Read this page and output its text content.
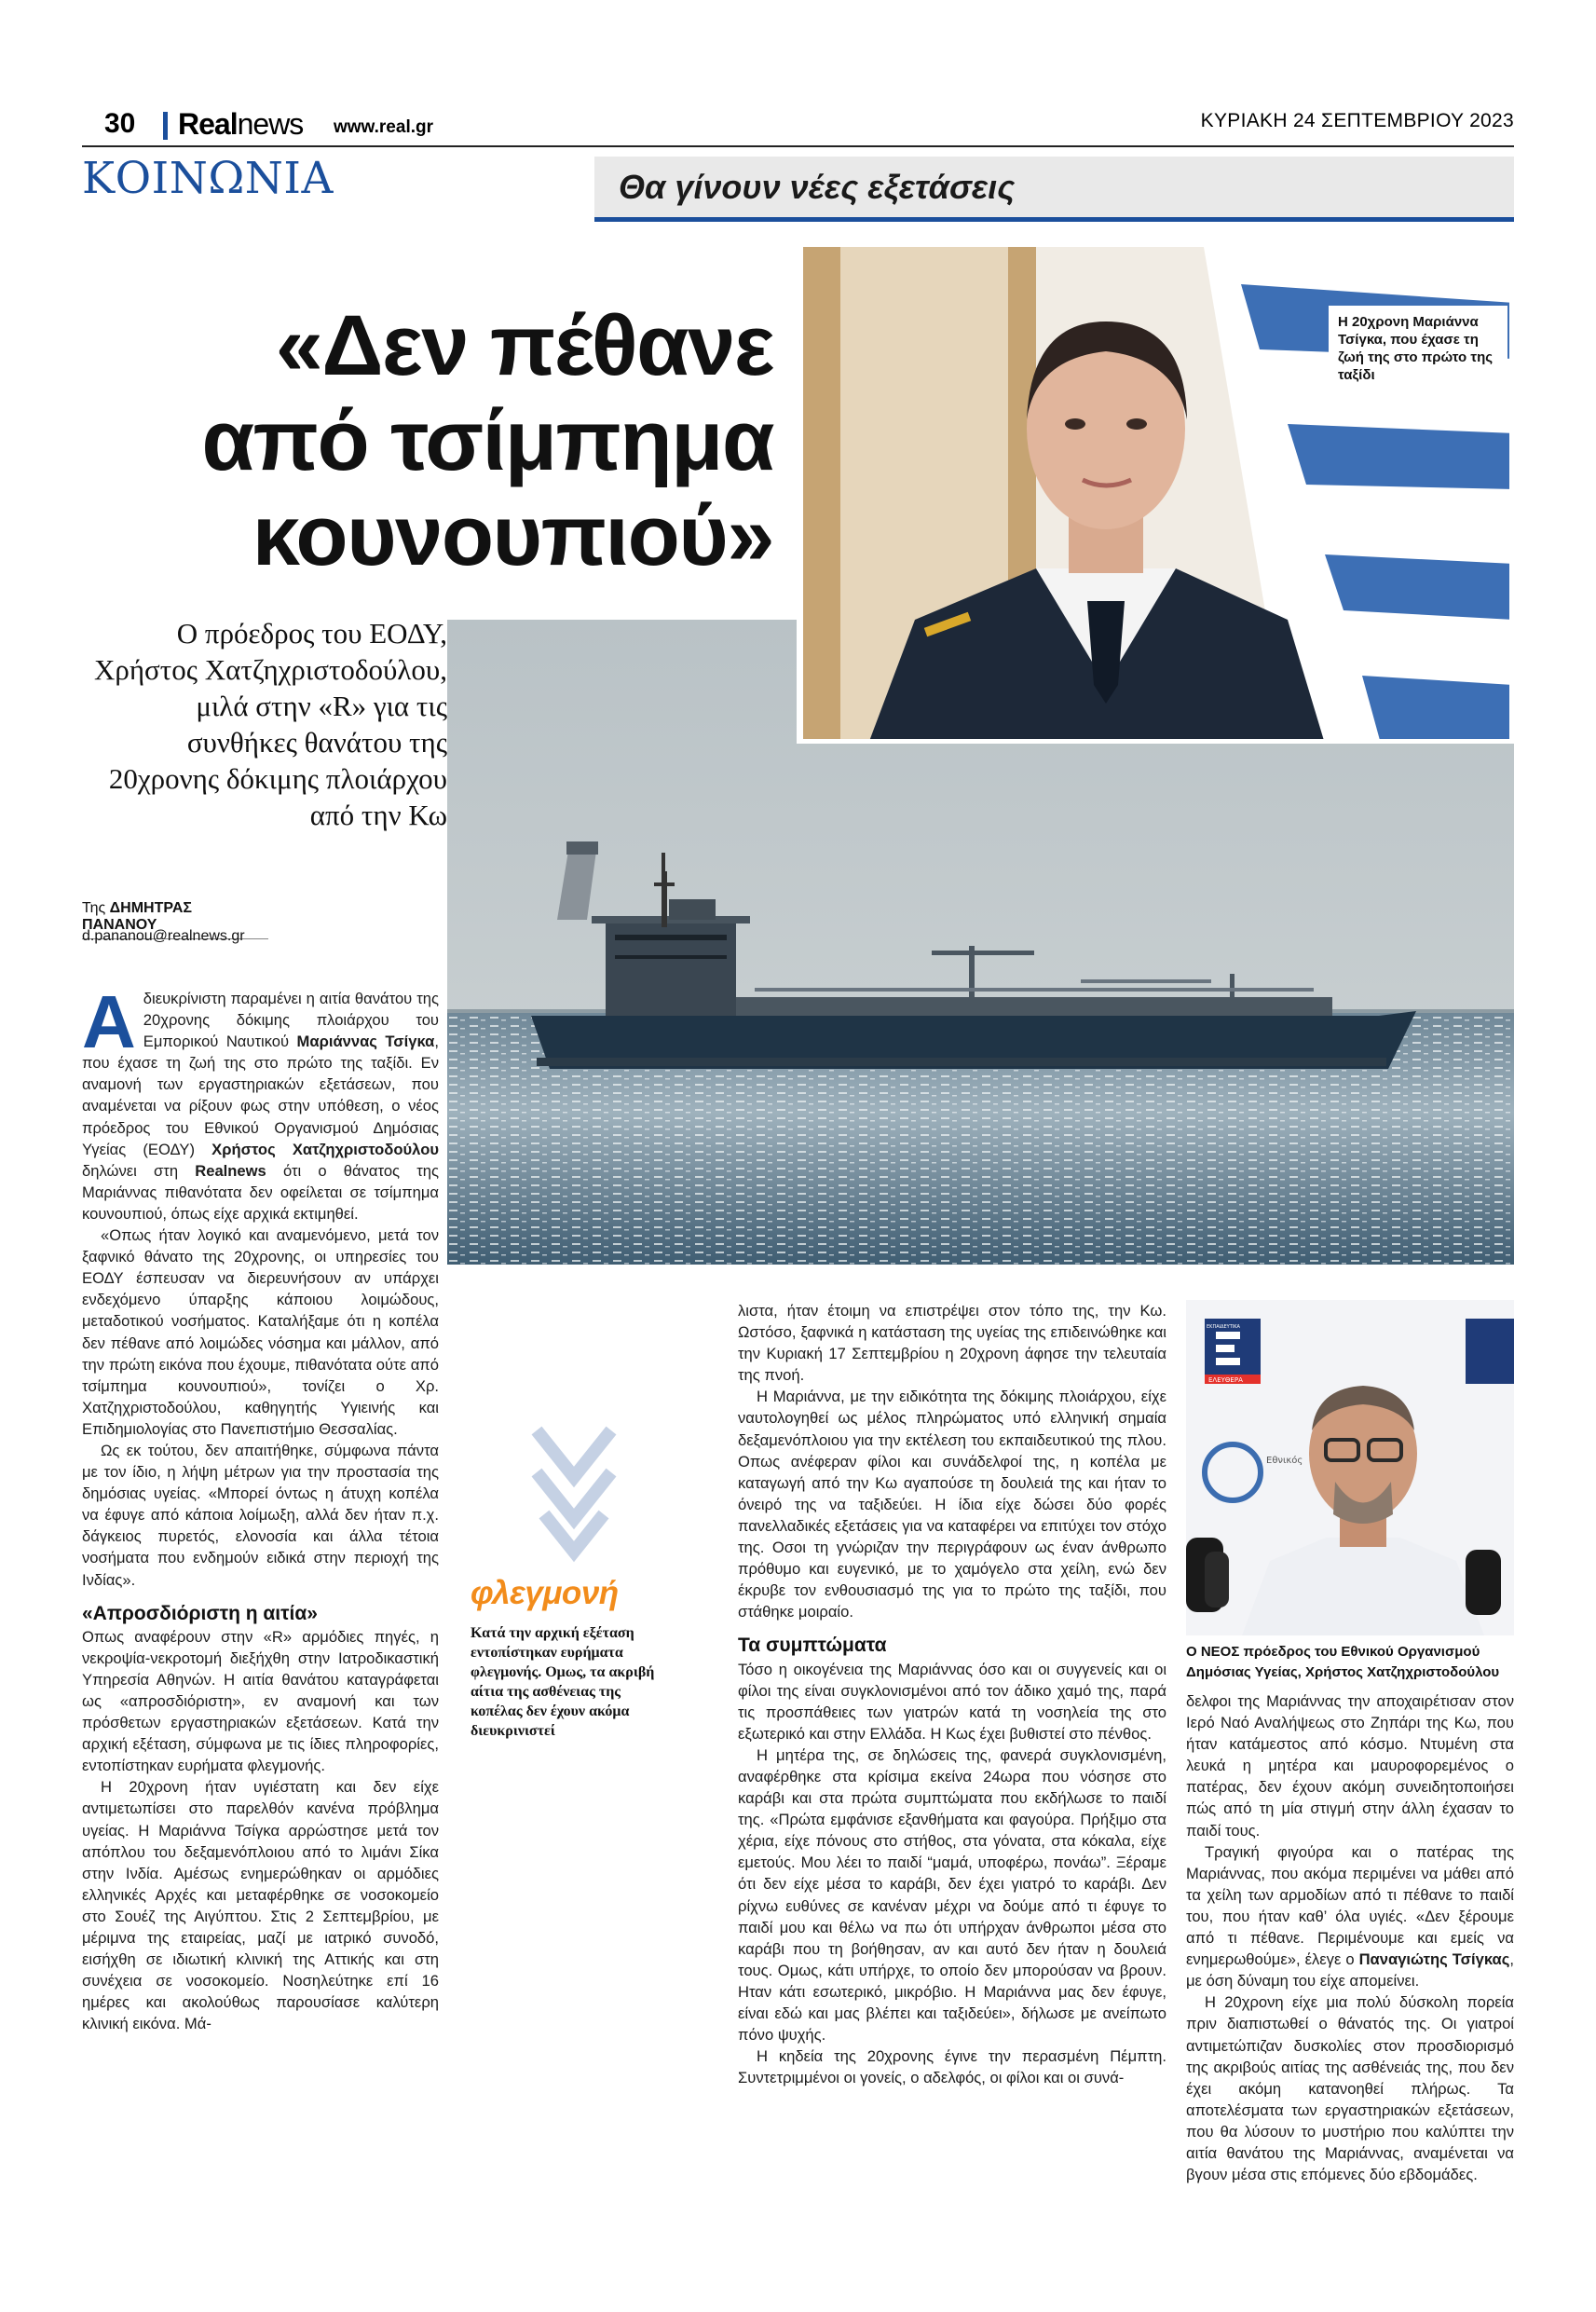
30 Realnews www.real.gr	ΚΥΡΙΑΚΗ 24 ΣΕΠΤΕΜΒΡΙΟΥ 2023
ΚΟΙΝΩΝΙΑ	Θα γίνουν νέες εξετάσεις
«Δεν πέθανε
από τσίμπημα
κουνουπιού»
Ο πρόεδρος του ΕΟΔΥ, Χρήστος Χατζηχριστοδούλου, μιλά στην «R» για τις συνθήκες θανάτου της 20χρονης δόκιμης πλοιάρχου από την Κω
Η 20χρονη Μαριάννα Τσίγκα, που έχασε τη ζωή της στο πρώτο της ταξίδι
Της ΔΗΜΗΤΡΑΣ ΠΑΝΑΝΟΥ
d.pananou@realnews.gr

Αδιευκρίνιστη παραμένει η αιτία θανάτου της 20χρονης δόκιμης πλοιάρχου του Εμπορικού Ναυτικού Μαριάννας Τσίγκα, που έχασε τη ζωή της στο πρώτο της ταξίδι. Εν αναμονή των εργαστηριακών εξετάσεων, που αναμένεται να ρίξουν φως στην υπόθεση, ο νέος πρόεδρος του Εθνικού Οργανισμού Δημόσιας Υγείας (ΕΟΔΥ) Χρήστος Χατζηχριστοδούλου δηλώνει στη Realnews ότι ο θάνατος της Μαριάννας πιθανότατα δεν οφείλεται σε τσίμπημα κουνουπιού, όπως είχε αρχικά εκτιμηθεί.

«Οπως ήταν λογικό και αναμενόμενο, μετά τον ξαφνικό θάνατο της 20χρονης, οι υπηρεσίες του ΕΟΔΥ έσπευσαν να διερευνήσουν αν υπάρχει ενδεχόμενο ύπαρξης κάποιου λοιμώδους, μεταδοτικού νοσήματος. Καταλήξαμε ότι η κοπέλα δεν πέθανε από λοιμώδες νόσημα και μάλλον, από την πρώτη εικόνα που έχουμε, πιθανότατα ούτε από τσίμπημα κουνουπιού», τονίζει ο Χρ. Χατζηχριστοδούλου, καθηγητής Υγιεινής και Επιδημιολογίας στο Πανεπιστήμιο Θεσσαλίας.

Ως εκ τούτου, δεν απαιτήθηκε, σύμφωνα πάντα με τον ίδιο, η λήψη μέτρων για την προστασία της δημόσιας υγείας. «Μπορεί όντως η άτυχη κοπέλα να έφυγε από κάποια λοίμωξη, αλλά δεν ήταν π.χ. δάγκειος πυρετός, ελονοσία και άλλα τέτοια νοσήματα που ενδημούν ειδικά στην περιοχή της Ινδίας».

«Απροσδιόριστη η αιτία»

Οπως αναφέρουν στην «R» αρμόδιες πηγές, η νεκροψία-νεκροτομή διεξήχθη στην Ιατροδικαστική Υπηρεσία Αθηνών. Η αιτία θανάτου καταγράφεται ως «απροσδιόριστη», εν αναμονή και των πρόσθετων εργαστηριακών εξετάσεων. Κατά την αρχική εξέταση, σύμφωνα με τις ίδιες πληροφορίες, εντοπίστηκαν ευρήματα φλεγμονής.

Η 20χρονη ήταν υγιέστατη και δεν είχε αντιμετωπίσει στο παρελθόν κανένα πρόβλημα υγείας. Η Μαριάννα Τσίγκα αρρώστησε μετά τον απόπλου του δεξαμενόπλοιου από το λιμάνι Σίκα στην Ινδία. Αμέσως ενημερώθηκαν οι αρμόδιες ελληνικές Αρχές και μεταφέρθηκε σε νοσοκομείο στο Σουέζ της Αιγύπτου. Στις 2 Σεπτεμβρίου, με μέριμνα της εταιρείας, μαζί με ιατρικό συνοδό, εισήχθη σε ιδιωτική κλινική της Αττικής και στη συνέχεια σε νοσοκομείο. Νοσηλεύτηκε επί 16 ημέρες και ακολούθως παρουσίασε καλύτερη κλινική εικόνα. Μά-

φλεγμονή
Κατά την αρχική εξέταση εντοπίστηκαν ευρήματα φλεγμονής. Ομως, τα ακριβή αίτια της ασθένειας της κοπέλας δεν έχουν ακόμα διευκρινιστεί

λιστα, ήταν έτοιμη να επιστρέψει στον τόπο της, την Κω. Ωστόσο, ξαφνικά η κατάσταση της υγείας της επιδεινώθηκε και την Κυριακή 17 Σεπτεμβρίου η 20χρονη άφησε την τελευταία της πνοή.

Η Μαριάννα, με την ειδικότητα της δόκιμης πλοιάρχου, είχε ναυτολογηθεί ως μέλος πληρώματος υπό ελληνική σημαία δεξαμενόπλοιου για την εκτέλεση του εκπαιδευτικού της πλου. Οπως ανέφεραν φίλοι και συνάδελφοί της, η κοπέλα με καταγωγή από την Κω αγαπούσε τη δουλειά της και ήταν το όνειρό της να ταξιδεύει. Η ίδια είχε δώσει δύο φορές πανελλαδικές εξετάσεις για να καταφέρει να επιτύχει τον στόχο της. Οσοι τη γνώριζαν την περιγράφουν ως έναν άνθρωπο πρόθυμο και ευγενικό, με το χαμόγελο στα χείλη, ενώ δεν έκρυβε τον ενθουσιασμό της για το πρώτο της ταξίδι, που στάθηκε μοιραίο.

Τα συμπτώματα

Τόσο η οικογένεια της Μαριάννας όσο και οι συγγενείς και οι φίλοι της είναι συγκλονισμένοι από τον άδικο χαμό της, παρά τις προσπάθειες των γιατρών κατά τη νοσηλεία της στο εξωτερικό και στην Ελλάδα. Η Κως έχει βυθιστεί στο πένθος.

Η μητέρα της, σε δηλώσεις της, φανερά συγκλονισμένη, αναφέρθηκε στα κρίσιμα εκείνα 24ωρα που νόσησε στο καράβι και στα πρώτα συμπτώματα που εκδήλωσε το παιδί της. «Πρώτα εμφάνισε εξανθήματα και φαγούρα. Πρήξιμο στα χέρια, είχε πόνους στο στήθος, στα γόνατα, στα κόκαλα, είχε εμετούς. Μου λέει το παιδί “μαμά, υποφέρω, πονάω”. Ξέραμε ότι δεν είχε μέσα το καράβι, δεν έχει γιατρό το καράβι. Δεν ρίχνω ευθύνες σε κανέναν μέχρι να δούμε από τι έφυγε το παιδί μου και θέλω να πω ότι υπήρχαν άνθρωποι μέσα στο καράβι που τη βοήθησαν, αν και αυτό δεν ήταν η δουλειά τους. Ομως, κάτι υπήρχε, το οποίο δεν μπορούσαν να βρουν. Ηταν κάτι εσωτερικό, μικρόβιο. Η Μαριάννα μας δεν έφυγε, είναι εδώ και μας βλέπει και ταξιδεύει», δήλωσε με ανείπωτο πόνο ψυχής.

Η κηδεία της 20χρονης έγινε την περασμένη Πέμπτη. Συντετριμμένοι οι γονείς, ο αδελφός, οι φίλοι και οι συνά-

ΕΚΠΑΙΔΕΥΤΙΚΑ
ΕΛΕΥΘΕΡΑ
Εθνικός
Ο ΝΕΟΣ πρόεδρος του Εθνικού Οργανισμού Δημόσιας Υγείας, Χρήστος Χατζηχριστοδούλου

δελφοι της Μαριάννας την αποχαιρέτισαν στον Ιερό Ναό Αναλήψεως στο Ζηπάρι της Κω, που ήταν κατάμεστος από κόσμο. Ντυμένη στα λευκά η μητέρα και μαυροφορεμένος ο πατέρας, δεν έχουν ακόμη συνειδητοποιήσει πώς από τη μία στιγμή στην άλλη έχασαν το παιδί τους.

Τραγική φιγούρα και ο πατέρας της Μαριάννας, που ακόμα περιμένει να μάθει από τα χείλη των αρμοδίων από τι πέθανε το παιδί του, που ήταν καθ’ όλα υγιές. «Δεν ξέρουμε από τι πέθανε. Περιμένουμε και εμείς να ενημερωθούμε», έλεγε ο Παναγιώτης Τσίγκας, με όση δύναμη του είχε απομείνει.

Η 20χρονη είχε μια πολύ δύσκολη πορεία πριν διαπιστωθεί ο θάνατός της. Οι γιατροί αντιμετώπιζαν δυσκολίες στον προσδιορισμό της ακριβούς αιτίας της ασθένειάς της, που δεν έχει ακόμη κατανοηθεί πλήρως. Τα αποτελέσματα των εργαστηριακών εξετάσεων, που θα λύσουν το μυστήριο που καλύπτει την αιτία θανάτου της Μαριάννας, αναμένεται να βγουν μέσα στις επόμενες δύο εβδομάδες.
